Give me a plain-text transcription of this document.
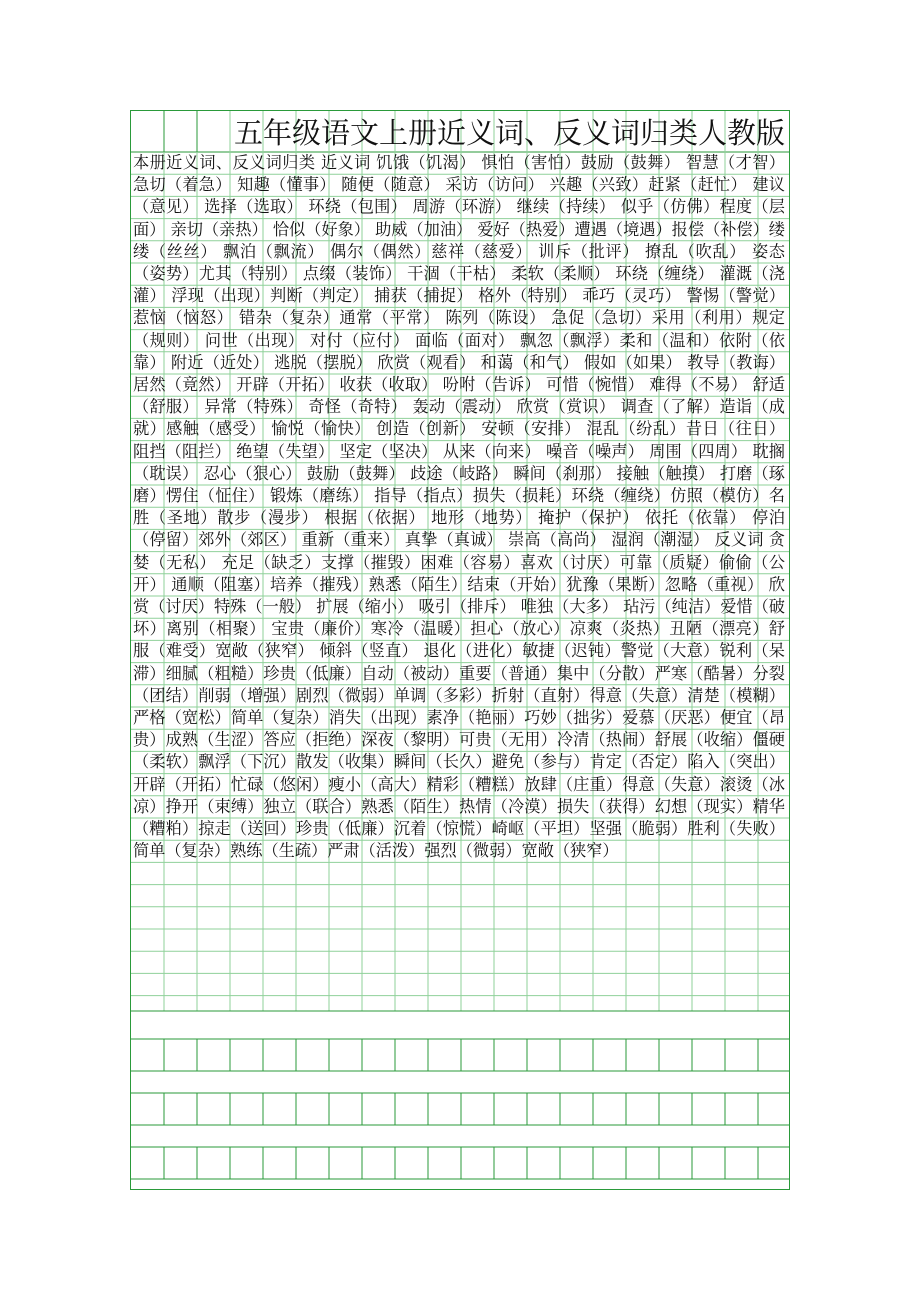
五年级语文上册近义词、反义词归类人教版
本册近义词、反义词归类 近义词 饥饿（饥渴） 惧怕（害怕）鼓励（鼓舞） 智慧（才智） 急切（着急） 知趣（懂事） 随便（随意） 采访（访问） 兴趣（兴致）赶紧（赶忙） 建议（意见） 选择（选取） 环绕（包围） 周游（环游） 继续（持续） 似乎（仿佛）程度（层面） 亲切（亲热） 恰似（好象） 助威（加油） 爱好（热爱）遭遇（境遇）报偿（补偿）缕缕（丝丝） 飘泊（飘流） 偶尔（偶然）慈祥（慈爱） 训斥（批评） 撩乱（吹乱） 姿态（姿势）尤其（特别） 点缀（装饰） 干涸（干枯） 柔软（柔顺） 环绕（缠绕） 灌溉（浇灌） 浮现（出现）判断（判定） 捕获（捕捉） 格外（特别） 乖巧（灵巧） 警惕（警觉） 惹恼（恼怒） 错杂（复杂）通常（平常） 陈列（陈设） 急促（急切）采用（利用）规定（规则） 问世（出现） 对付（应付） 面临（面对） 飘忽（飘浮）柔和（温和）依附（依靠） 附近（近处） 逃脱（摆脱） 欣赏（观看） 和蔼（和气） 假如（如果） 教导（教诲） 居然（竟然） 开辟（开拓） 收获（收取） 吩咐（告诉） 可惜（惋惜） 难得（不易） 舒适（舒服） 异常（特殊） 奇怪（奇特） 轰动（震动） 欣赏（赏识） 调查（了解）造诣（成就）感触（感受） 愉悦（愉快） 创造（创新） 安顿（安排） 混乱（纷乱）昔日（往日） 阻挡（阻拦） 绝望（失望） 坚定（坚决） 从来（向来） 噪音（噪声） 周围（四周） 耽搁（耽误） 忍心（狠心） 鼓励（鼓舞） 歧途（岐路） 瞬间（刹那） 接触（触摸） 打磨（琢磨）愣住（怔住） 锻炼（磨练） 指导（指点）损失（损耗）环绕（缠绕）仿照（模仿）名胜（圣地）散步（漫步） 根据（依据） 地形（地势） 掩护（保护） 依托（依靠） 停泊（停留）郊外（郊区） 重新（重来） 真挚（真诚） 崇高（高尚） 湿润（潮湿） 反义词 贪婪（无私） 充足（缺乏）支撑（摧毁）困难（容易）喜欢（讨厌）可靠（质疑）偷偷（公开） 通顺（阻塞）培养（摧残）熟悉（陌生）结束（开始）犹豫（果断）忽略（重视） 欣赏（讨厌）特殊（一般） 扩展（缩小） 吸引（排斥） 唯独（大多） 玷污（纯洁）爱惜（破坏）离别（相聚） 宝贵（廉价）寒冷（温暖）担心（放心）凉爽（炎热）丑陋（漂亮）舒服（难受）宽敞（狭窄） 倾斜（竖直） 退化（进化）敏捷（迟钝）警觉（大意）锐利（呆滞）细腻（粗糙）珍贵（低廉）自动（被动）重要（普通）集中（分散）严寒（酷暑）分裂（团结）削弱（增强）剧烈（微弱）单调（多彩）折射（直射）得意（失意）清楚（模糊）严格（宽松）简单（复杂）消失（出现）素净（艳丽）巧妙（拙劣）爱慕（厌恶）便宜（昂贵）成熟（生涩）答应（拒绝）深夜（黎明）可贵（无用）冷清（热闹）舒展（收缩）僵硬（柔软）飘浮（下沉）散发（收集）瞬间（长久）避免（参与）肯定（否定）陷入（突出）开辟（开拓）忙碌（悠闲）瘦小（高大）精彩（糟糕）放肆（庄重）得意（失意）滚烫（冰凉）挣开（束缚）独立（联合）熟悉（陌生）热情（冷漠）损失（获得）幻想（现实）精华（糟粕）掠走（送回）珍贵（低廉）沉着（惊慌）崎岖（平坦）坚强（脆弱）胜利（失败）简单（复杂）熟练（生疏）严肃（活泼）强烈（微弱）宽敞（狭窄）
